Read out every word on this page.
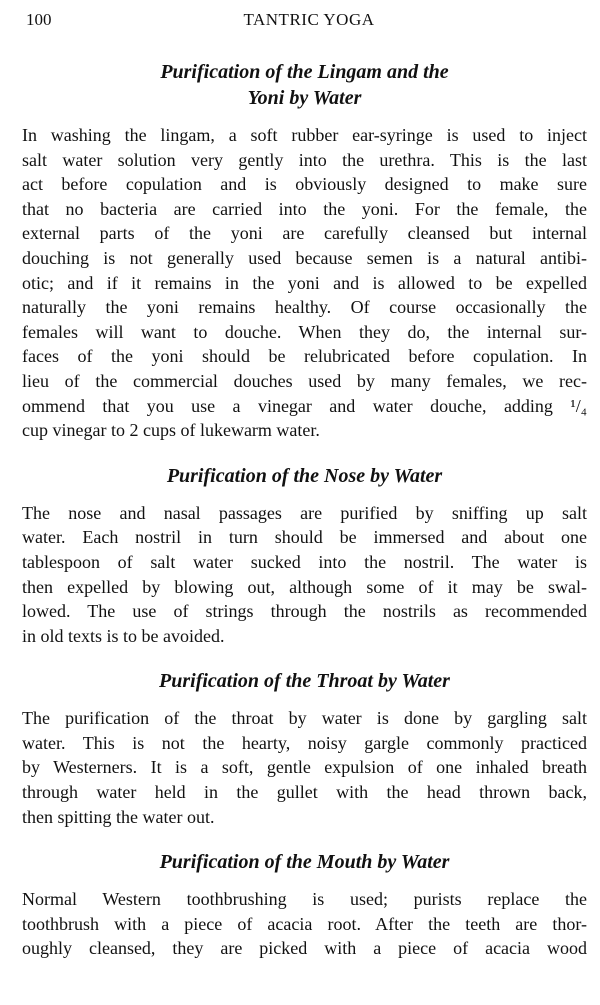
100	TANTRIC YOGA
Purification of the Lingam and the
Yoni by Water

In washing the lingam, a soft rubber ear-syringe is used to inject
salt water solution very gently into the urethra. This is the last
act before copulation and is obviously designed to make sure
that no bacteria are carried into the yoni. For the female, the
external parts of the yoni are carefully cleansed but internal
douching is not generally used because semen is a natural antibi-
otic; and if it remains in the yoni and is allowed to be expelled
naturally the yoni remains healthy. Of course occasionally the
females will want to douche. When they do, the internal sur-
faces of the yoni should be relubricated before copulation. In
lieu of the commercial douches used by many females, we rec-
ommend that you use a vinegar and water douche, adding ¹/₄
cup vinegar to 2 cups of lukewarm water.

Purification of the Nose by Water

The nose and nasal passages are purified by sniffing up salt
water. Each nostril in turn should be immersed and about one
tablespoon of salt water sucked into the nostril. The water is
then expelled by blowing out, although some of it may be swal-
lowed. The use of strings through the nostrils as recommended
in old texts is to be avoided.

Purification of the Throat by Water

The purification of the throat by water is done by gargling salt
water. This is not the hearty, noisy gargle commonly practiced
by Westerners. It is a soft, gentle expulsion of one inhaled breath
through water held in the gullet with the head thrown back,
then spitting the water out.

Purification of the Mouth by Water

Normal Western toothbrushing is used; purists replace the
toothbrush with a piece of acacia root. After the teeth are thor-
oughly cleansed, they are picked with a piece of acacia wood
